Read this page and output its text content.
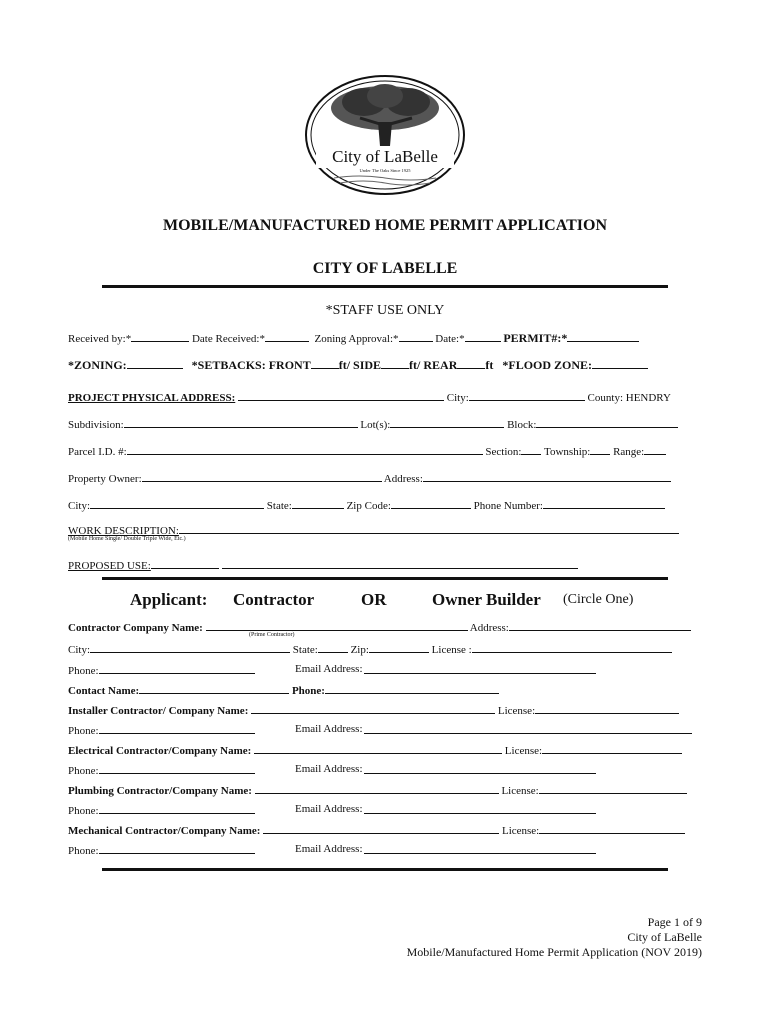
City of LaBelle
Under The Oaks Since 1925
MOBILE/MANUFACTURED HOME PERMIT APPLICATION
CITY OF LABELLE
*STAFF USE ONLY
Received by:*	Date Received:*	Zoning Approval:*	Date:*	PERMIT#:*
*ZONING:	*SETBACKS: FRONT ft/ SIDE ft/ REAR ft *FLOOD ZONE:
PROJECT PHYSICAL ADDRESS:	City:	County: HENDRY
Subdivision:	Lot(s):	Block:
Parcel I.D. #:	Section: Township: Range:
Property Owner:	Address:
City:	State:	Zip Code:	Phone Number:
WORK DESCRIPTION:
(Mobile Home Single/ Double Triple Wide, Etc.)
PROPOSED USE:
Applicant: Contractor	OR	Owner Builder (Circle One)
Contractor Company Name:	Address:
(Prime Contractor)
City:	State:	Zip:	License :
Phone:	Email Address:
Contact Name:	Phone:
Installer Contractor/ Company Name:	License:
Phone:	Email Address:
Electrical Contractor/Company Name:	License:
Phone:	Email Address:
Plumbing Contractor/Company Name:	License:
Phone:	Email Address:
Mechanical Contractor/Company Name:	License:
Phone:	Email Address:
Page 1 of 9
City of LaBelle
Mobile/Manufactured Home Permit Application (NOV 2019)
